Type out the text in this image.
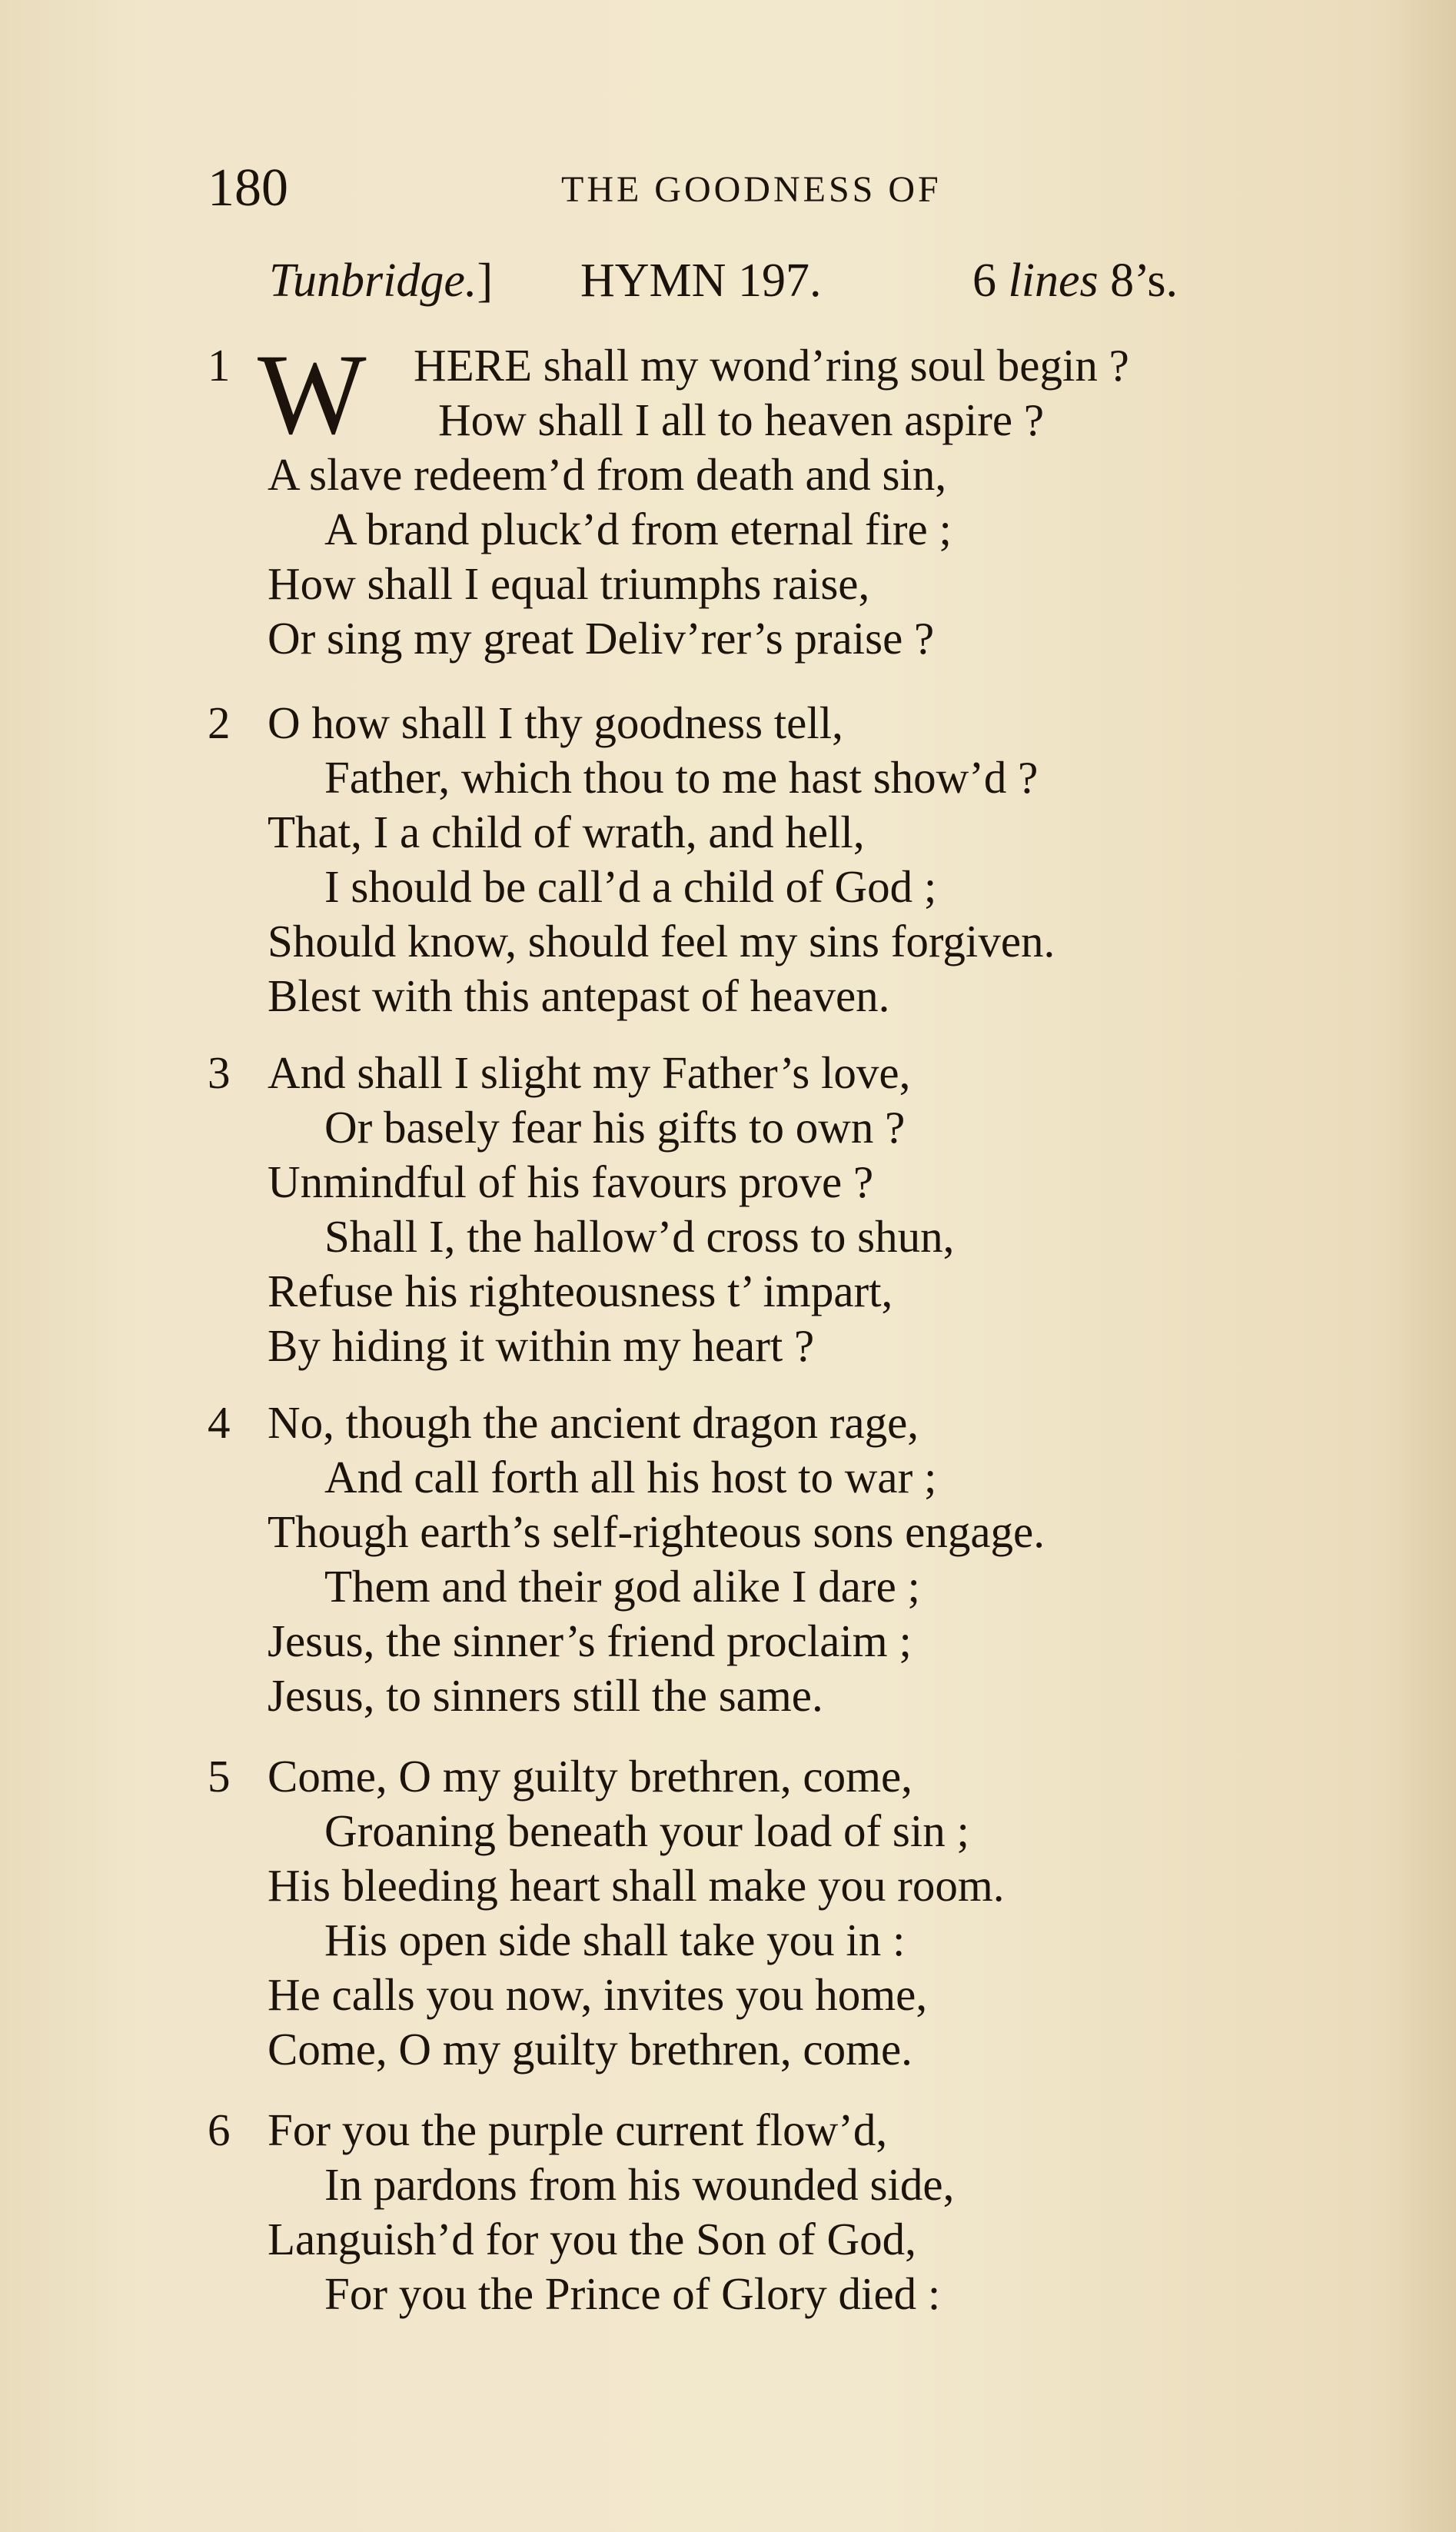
180	THE GOODNESS OF
Tunbridge.] HYMN 197.	6 lines 8’s.
1 W HERE shall my wond’ring soul begin ?
How shall I all to heaven aspire ?
A slave redeem’d from death and sin,
A brand pluck’d from eternal fire ;
How shall I equal triumphs raise,
Or sing my great Deliv’rer’s praise ?
2 O how shall I thy goodness tell,
Father, which thou to me hast show’d ?
That, I a child of wrath, and hell,
I should be call’d a child of God ;
Should know, should feel my sins forgiven.
Blest with this antepast of heaven.
3 And shall I slight my Father’s love,
Or basely fear his gifts to own ?
Unmindful of his favours prove ?
Shall I, the hallow’d cross to shun,
Refuse his righteousness t’ impart,
By hiding it within my heart ?
4 No, though the ancient dragon rage,
And call forth all his host to war ;
Though earth’s self-righteous sons engage.
Them and their god alike I dare ;
Jesus, the sinner’s friend proclaim ;
Jesus, to sinners still the same.
5 Come, O my guilty brethren, come,
Groaning beneath your load of sin ;
His bleeding heart shall make you room.
His open side shall take you in :
He calls you now, invites you home,
Come, O my guilty brethren, come.
6 For you the purple current flow’d,
In pardons from his wounded side,
Languish’d for you the Son of God,
For you the Prince of Glory died :
